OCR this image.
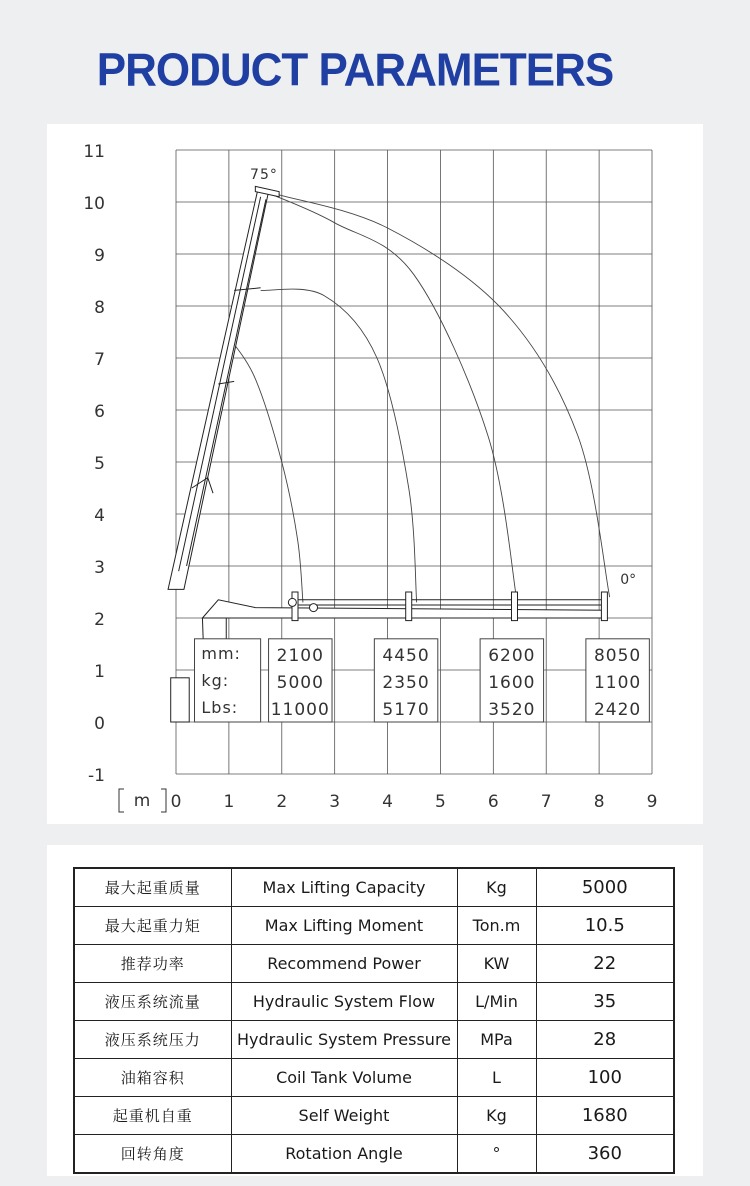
PRODUCT PARAMETERS
11
10
9
8
7
6
5
4
3
2
1
0
-1
0 1 2 3 4 5 6 7 8 9
m
mm:
kg:
Lbs:
2100
5000
11000
4450
2350
5170
6200
1600
3520
8050
1100
2420
75°
0°
最大起重质量	Max Lifting Capacity	Kg	5000
最大起重力矩	Max Lifting Moment	Ton.m	10.5
推荐功率	Recommend Power	KW	22
液压系统流量	Hydraulic System Flow	L/Min	35
液压系统压力	Hydraulic System Pressure	MPa	28
油箱容积	Coil Tank Volume	L	100
起重机自重	Self Weight	Kg	1680
回转角度	Rotation Angle	°	360
